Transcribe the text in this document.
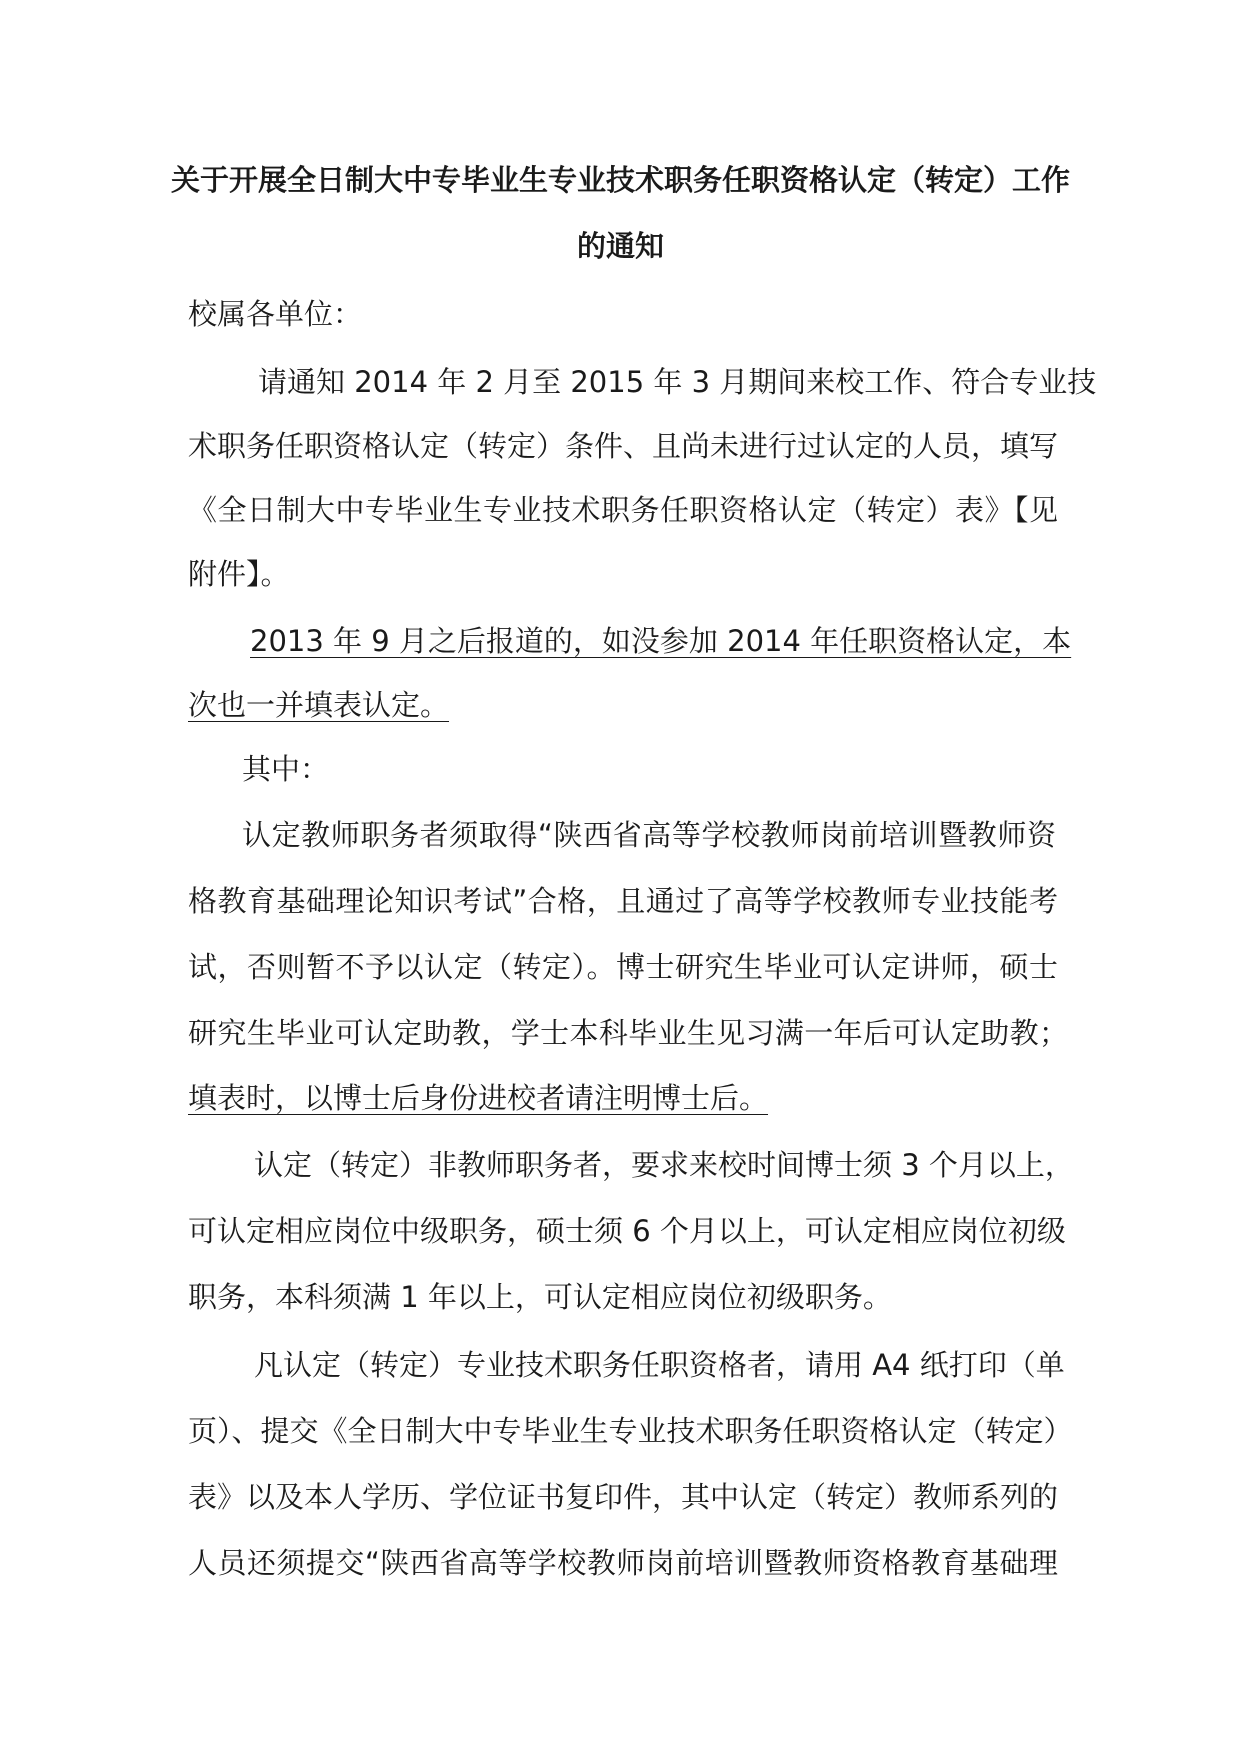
关于开展全日制大中专毕业生专业技术职务任职资格认定（转定）工作
的通知

校属各单位：

请通知 2014 年 2 月至 2015 年 3 月期间来校工作、符合专业技

术职务任职资格认定（转定）条件、且尚未进行过认定的人员，填写

《全日制大中专毕业生专业技术职务任职资格认定（转定）表》【见

附件】。

2013 年 9 月之后报道的，如没参加 2014 年任职资格认定，本

次也一并填表认定。

其中：

认定教师职务者须取得“陕西省高等学校教师岗前培训暨教师资

格教育基础理论知识考试”合格，且通过了高等学校教师专业技能考

试，否则暂不予以认定（转定）。博士研究生毕业可认定讲师，硕士

研究生毕业可认定助教，学士本科毕业生见习满一年后可认定助教；

填表时，以博士后身份进校者请注明博士后。

认定（转定）非教师职务者，要求来校时间博士须 3 个月以上，

可认定相应岗位中级职务，硕士须 6 个月以上，可认定相应岗位初级

职务，本科须满 1 年以上，可认定相应岗位初级职务。

凡认定（转定）专业技术职务任职资格者，请用 A4 纸打印（单

页）、提交《全日制大中专毕业生专业技术职务任职资格认定（转定）

表》以及本人学历、学位证书复印件，其中认定（转定）教师系列的

人员还须提交“陕西省高等学校教师岗前培训暨教师资格教育基础理
